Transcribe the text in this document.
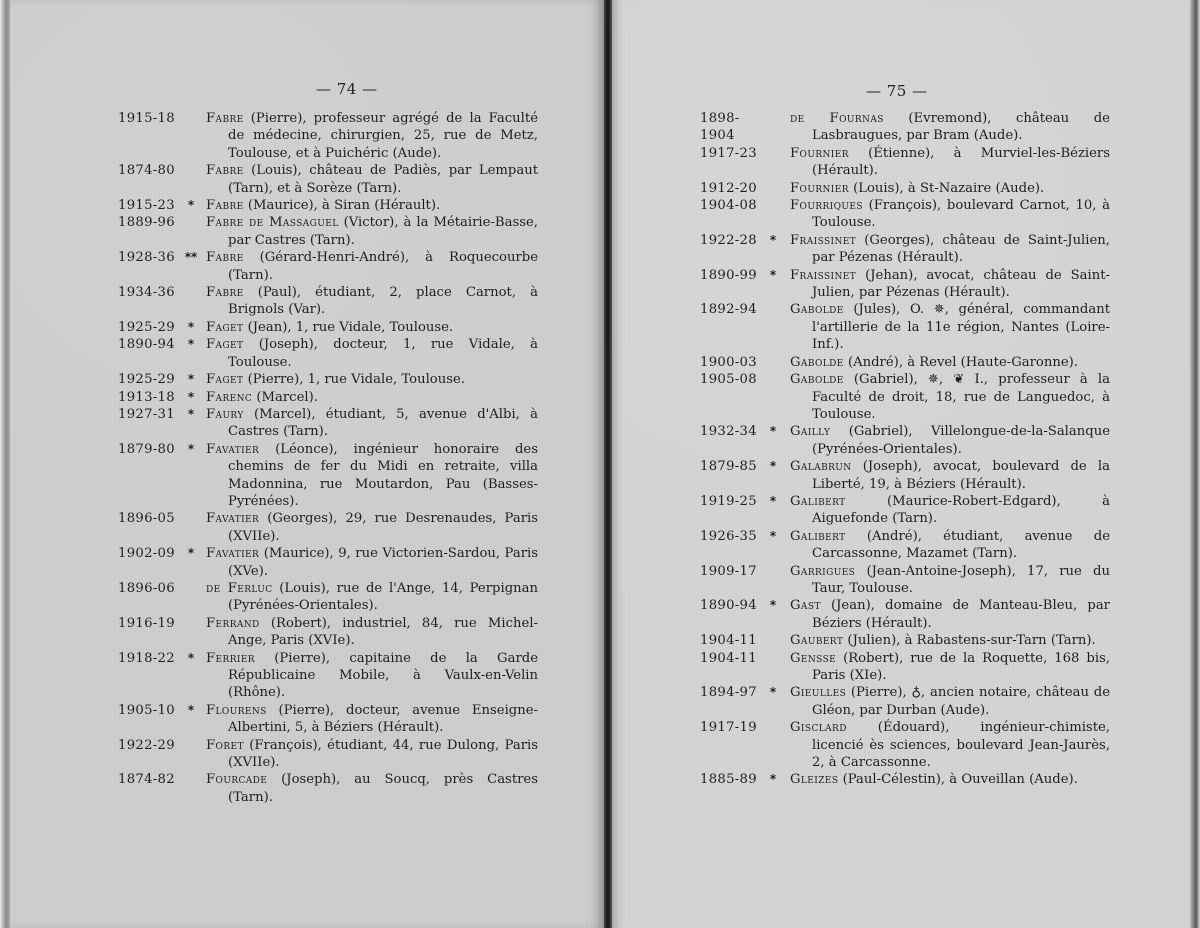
— 74 —
1915-18 Fabre (Pierre), professeur agrégé de la Faculté de médecine, chirurgien, 25, rue de Metz, Toulouse, et à Puichéric (Aude).
1874-80 Fabre (Louis), château de Padiès, par Lempaut (Tarn), et à Sorèze (Tarn).
1915-23	* Fabre (Maurice), à Siran (Hérault).
1889-96 Fabre de Massaguel (Victor), à la Métairie-Basse, par Castres (Tarn).
1928-36 ** Fabre (Gérard-Henri-André), à Roquecourbe (Tarn).
1934-36 Fabre (Paul), étudiant, 2, place Carnot, à Brignols (Var).
1925-29	* Faget (Jean), 1, rue Vidale, Toulouse.
1890-94	* Faget (Joseph), docteur, 1, rue Vidale, à Toulouse.
1925-29	* Faget (Pierre), 1, rue Vidale, Toulouse.
1913-18	* Farenc (Marcel).
1927-31	* Faury (Marcel), étudiant, 5, avenue d'Albi, à Castres (Tarn).
1879-80	* Favatier (Léonce), ingénieur honoraire des chemins de fer du Midi en retraite, villa Madonnina, rue Moutardon, Pau (Basses-Pyrénées).
1896-05 Favatier (Georges), 29, rue Desrenaudes, Paris (XVIIe).
1902-09	* Favatier (Maurice), 9, rue Victorien-Sardou, Paris (XVe).
1896-06 de Ferluc (Louis), rue de l'Ange, 14, Perpignan (Pyrénées-Orientales).
1916-19 Ferrand (Robert), industriel, 84, rue Michel-Ange, Paris (XVIe).
1918-22	* Ferrier (Pierre), capitaine de la Garde Républicaine Mobile, à Vaulx-en-Velin (Rhône).
1905-10	* Flourens (Pierre), docteur, avenue Enseigne-Albertini, 5, à Béziers (Hérault).
1922-29 Foret (François), étudiant, 44, rue Dulong, Paris (XVIIe).
1874-82 Fourcade (Joseph), au Soucq, près Castres (Tarn).
— 75 —
1898-1904
de Fournas (Evremond), château de Lasbraugues, par Bram (Aude).
1917-23	Fournier (Étienne), à Murviel-les-Béziers (Hérault).
1912-20	Fournier (Louis), à St-Nazaire (Aude).
1904-08	Fourriques (François), boulevard Carnot, 10, à Toulouse.
1922-28	*	Fraissinet (Georges), château de Saint-Julien, par Pézenas (Hérault).
1890-99	*	Fraissinet (Jehan), avocat, château de Saint-Julien, par Pézenas (Hérault).
1892-94	Gabolde (Jules), O. ✵, général, commandant l'artillerie de la 11e région, Nantes (Loire-Inf.).
1900-03	Gabolde (André), à Revel (Haute-Garonne).
1905-08	Gabolde (Gabriel), ✵, ❦ I., professeur à la Faculté de droit, 18, rue de Languedoc, à Toulouse.
1932-34	*	Gailly (Gabriel), Villelongue-de-la-Salanque (Pyrénées-Orientales).
1879-85	*	Galabrun (Joseph), avocat, boulevard de la Liberté, 19, à Béziers (Hérault).
1919-25	*	Galibert (Maurice-Robert-Edgard), à Aiguefonde (Tarn).
1926-35	*	Galibert (André), étudiant, avenue de Carcassonne, Mazamet (Tarn).
1909-17	Garrigues (Jean-Antoine-Joseph), 17, rue du Taur, Toulouse.
1890-94	*	Gast (Jean), domaine de Manteau-Bleu, par Béziers (Hérault).
1904-11	Gaubert (Julien), à Rabastens-sur-Tarn (Tarn).
1904-11	Gensse (Robert), rue de la Roquette, 168 bis, Paris (XIe).
1894-97	*	Gieulles (Pierre), ♁, ancien notaire, château de Gléon, par Durban (Aude).
1917-19	Gisclard (Édouard), ingénieur-chimiste, licencié ès sciences, boulevard Jean-Jaurès, 2, à Carcassonne.
1885-89	*	Gleizes (Paul-Célestin), à Ouveillan (Aude).
